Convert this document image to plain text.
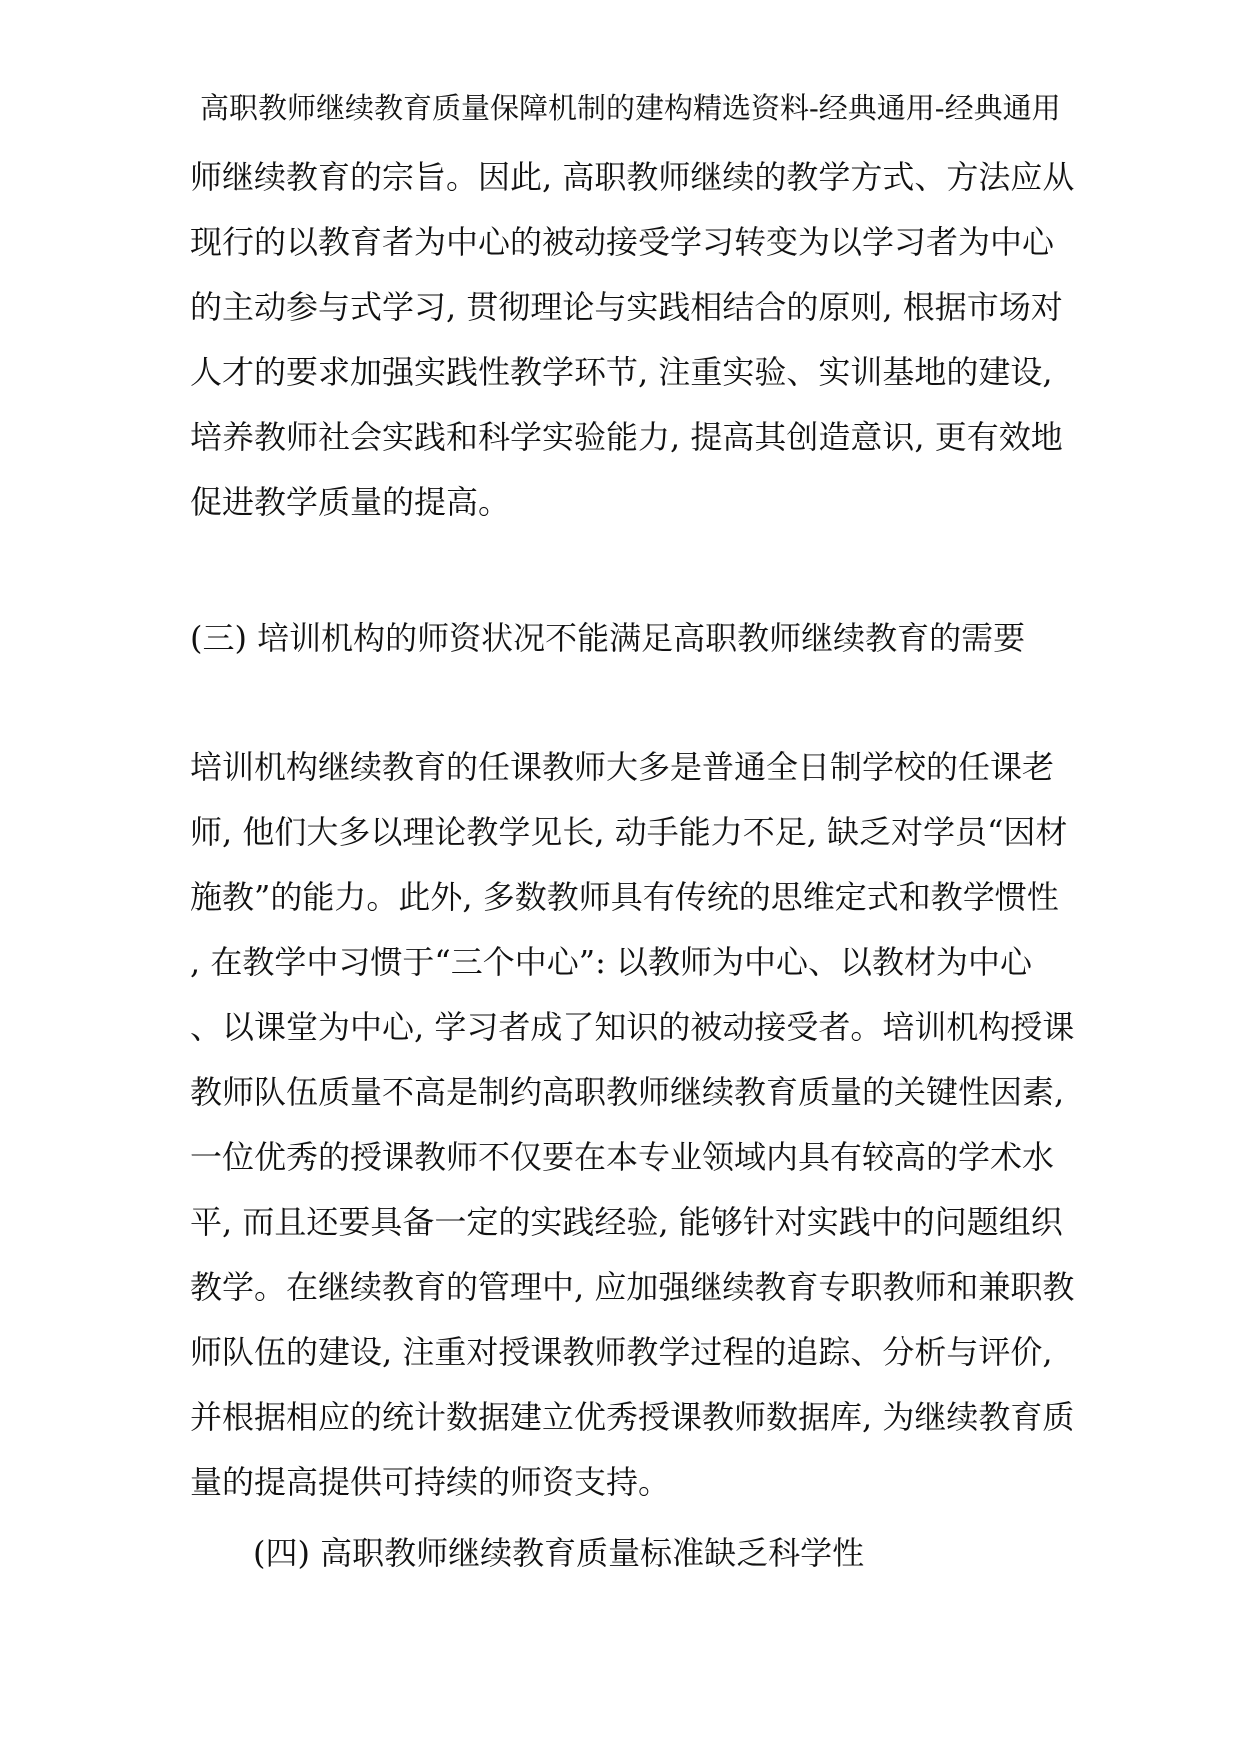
高职教师继续教育质量保障机制的建构精选资料-经典通用-经典通用
师继续教育的宗旨。因此, 高职教师继续的教学方式、方法应从
现行的以教育者为中心的被动接受学习转变为以学习者为中心
的主动参与式学习, 贯彻理论与实践相结合的原则, 根据市场对
人才的要求加强实践性教学环节, 注重实验、实训基地的建设,
培养教师社会实践和科学实验能力, 提高其创造意识, 更有效地
促进教学质量的提高。
(三) 培训机构的师资状况不能满足高职教师继续教育的需要
培训机构继续教育的任课教师大多是普通全日制学校的任课老
师, 他们大多以理论教学见长, 动手能力不足, 缺乏对学员“因材
施教”的能力。此外, 多数教师具有传统的思维定式和教学惯性
, 在教学中习惯于“三个中心”: 以教师为中心、以教材为中心
、以课堂为中心, 学习者成了知识的被动接受者。培训机构授课
教师队伍质量不高是制约高职教师继续教育质量的关键性因素,
一位优秀的授课教师不仅要在本专业领域内具有较高的学术水
平, 而且还要具备一定的实践经验, 能够针对实践中的问题组织
教学。在继续教育的管理中, 应加强继续教育专职教师和兼职教
师队伍的建设, 注重对授课教师教学过程的追踪、分析与评价,
并根据相应的统计数据建立优秀授课教师数据库, 为继续教育质
量的提高提供可持续的师资支持。
(四) 高职教师继续教育质量标准缺乏科学性
